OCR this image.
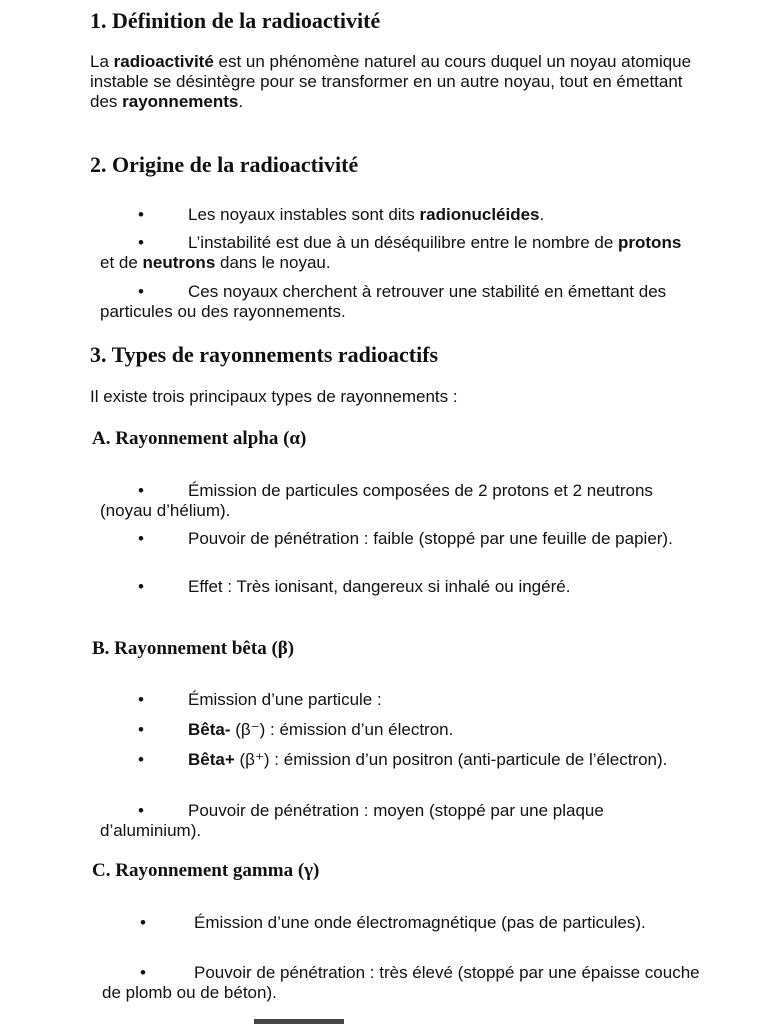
1. Définition de la radioactivité

La radioactivité est un phénomène naturel au cours duquel un noyau atomique instable se désintègre pour se transformer en un autre noyau, tout en émettant des rayonnements.

2. Origine de la radioactivité

•	Les noyaux instables sont dits radionucléides.

•	L’instabilité est due à un déséquilibre entre le nombre de protons et de neutrons dans le noyau.

•	Ces noyaux cherchent à retrouver une stabilité en émettant des particules ou des rayonnements.

3. Types de rayonnements radioactifs

Il existe trois principaux types de rayonnements :

A. Rayonnement alpha (α)

•	Émission de particules composées de 2 protons et 2 neutrons (noyau d’hélium).

•	Pouvoir de pénétration : faible (stoppé par une feuille de papier).

•	Effet : Très ionisant, dangereux si inhalé ou ingéré.

B. Rayonnement bêta (β)

•	Émission d’une particule :

•	Bêta- (β⁻) : émission d’un électron.

•	Bêta+ (β⁺) : émission d’un positron (anti-particule de l’électron).

•	Pouvoir de pénétration : moyen (stoppé par une plaque d’aluminium).

C. Rayonnement gamma (γ)

•	Émission d’une onde électromagnétique (pas de particules).

•	Pouvoir de pénétration : très élevé (stoppé par une épaisse couche de plomb ou de béton).
